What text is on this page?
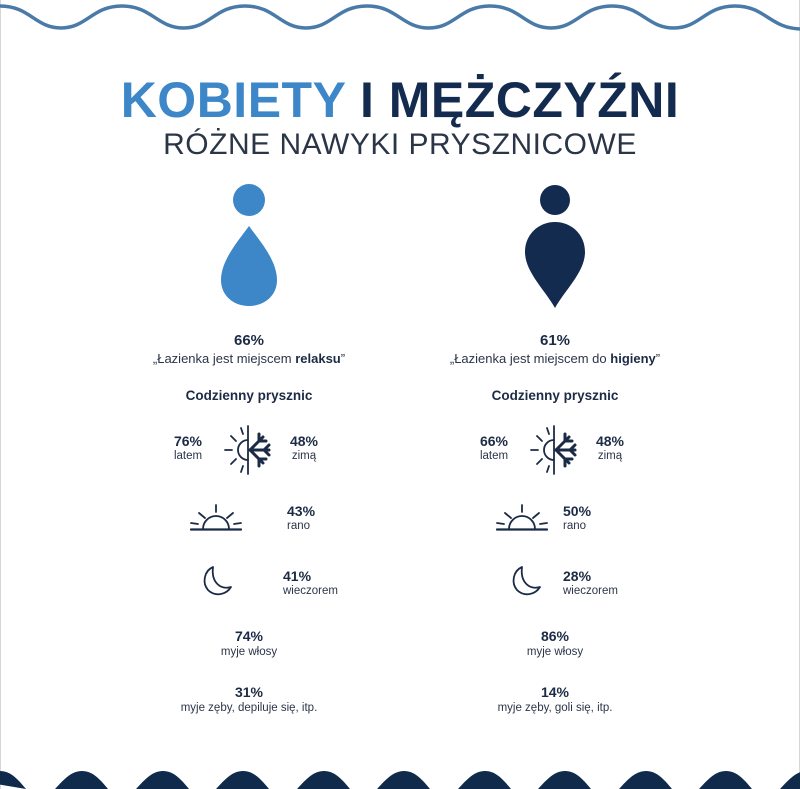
KOBIETY I MĘŻCZYŹNI
RÓŻNE NAWYKI PRYSZNICOWE
66%
„Łazienka jest miejscem relaksu”
Codzienny prysznic
76%
latem
48%
zimą
43%
rano
41%
wieczorem
74%
myje włosy
31%
myje zęby, depiluje się, itp.
61%
„Łazienka jest miejscem do higieny”
Codzienny prysznic
66%
latem
48%
zimą
50%
rano
28%
wieczorem
86%
myje włosy
14%
myje zęby, goli się, itp.
